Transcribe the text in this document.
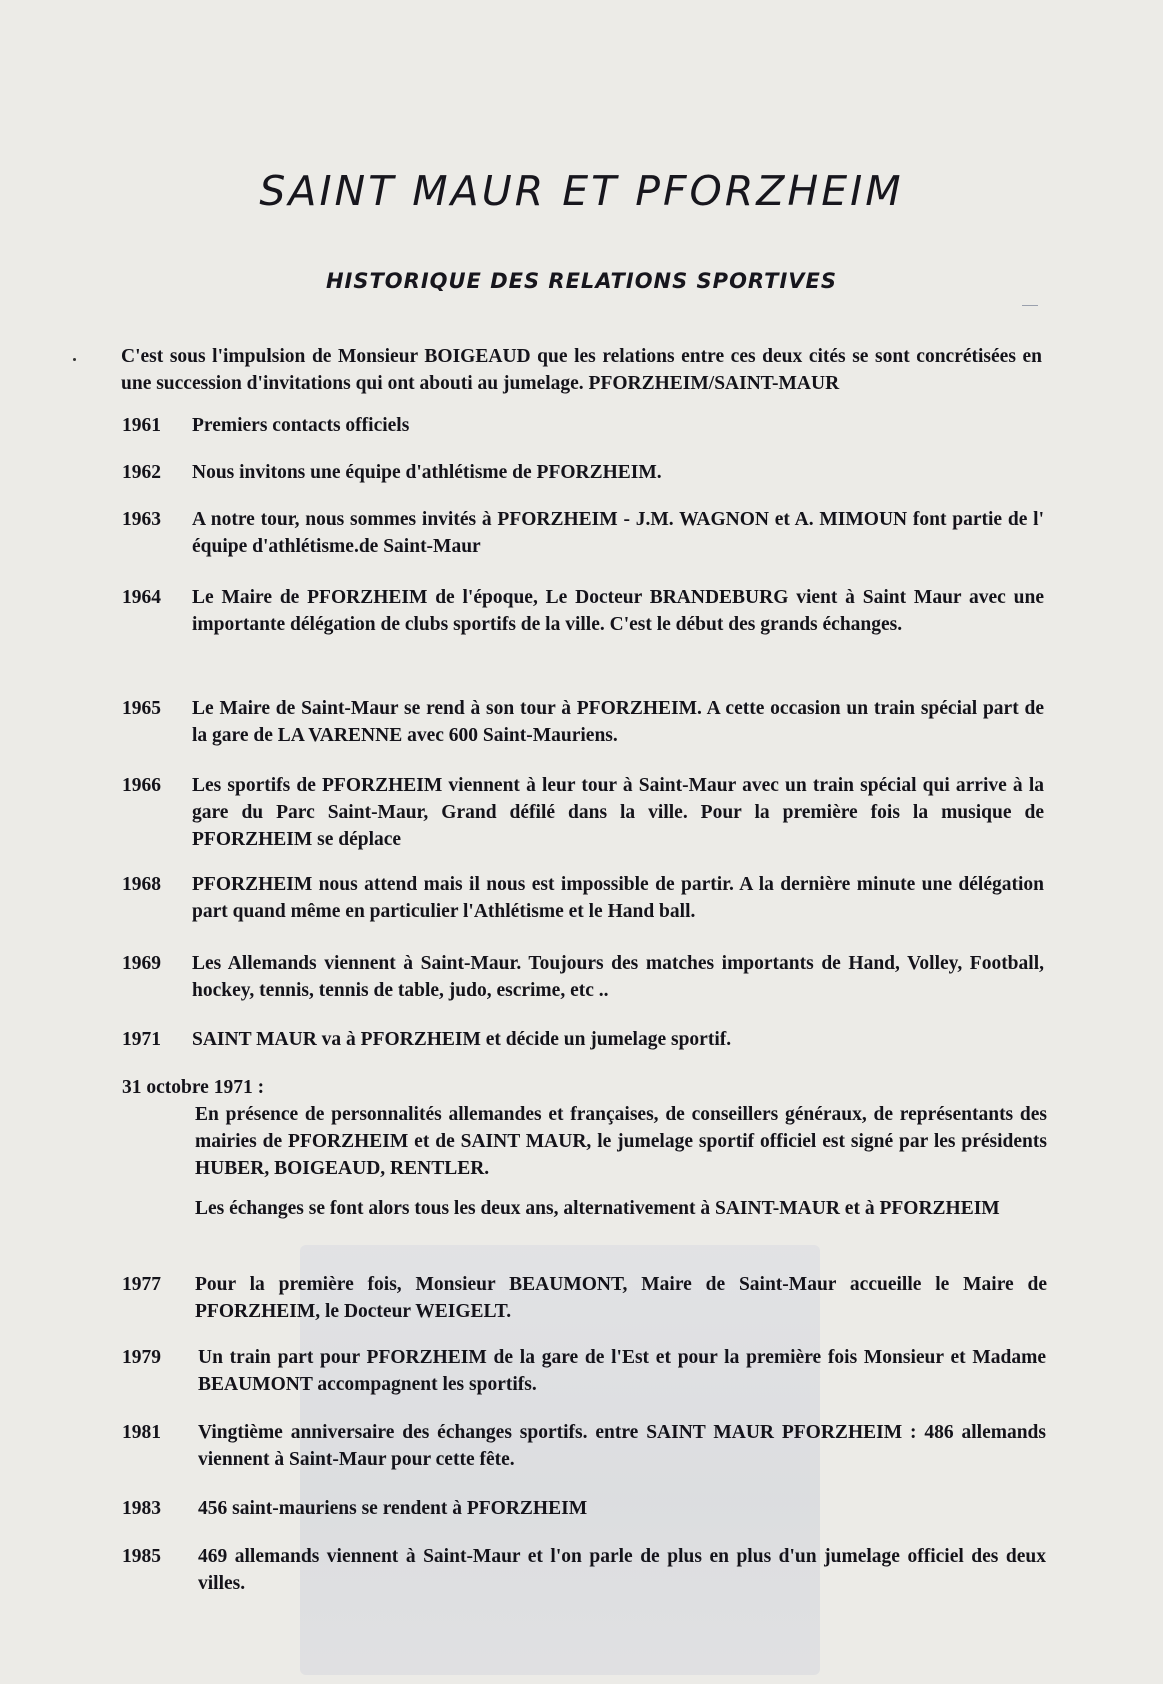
SAINT MAUR ET PFORZHEIM
HISTORIQUE DES RELATIONS SPORTIVES

C'est sous l'impulsion de Monsieur BOIGEAUD que les relations entre ces deux cités se sont concrétisées en une succession d'invitations qui ont abouti au jumelage. PFORZHEIM/SAINT-MAUR

1961 Premiers contacts officiels
1962 Nous invitons une équipe d'athlétisme de PFORZHEIM.
1963 A notre tour, nous sommes invités à PFORZHEIM - J.M. WAGNON et A. MIMOUN font partie de l' équipe d'athlétisme.de Saint-Maur
1964 Le Maire de PFORZHEIM de l'époque, Le Docteur BRANDEBURG vient à Saint Maur avec une importante délégation de clubs sportifs de la ville. C'est le début des grands échanges.
1965 Le Maire de Saint-Maur se rend à son tour à PFORZHEIM. A cette occasion un train spécial part de la gare de LA VARENNE avec 600 Saint-Mauriens.
1966 Les sportifs de PFORZHEIM viennent à leur tour à Saint-Maur avec un train spécial qui arrive à la gare du Parc Saint-Maur, Grand défilé dans la ville. Pour la première fois la musique de PFORZHEIM se déplace
1968 PFORZHEIM nous attend mais il nous est impossible de partir. A la dernière minute une délégation part quand même en particulier l'Athlétisme et le Hand ball.
1969 Les Allemands viennent à Saint-Maur. Toujours des matches importants de Hand, Volley, Football, hockey, tennis, tennis de table, judo, escrime, etc ..
1971 SAINT MAUR va à PFORZHEIM et décide un jumelage sportif.
31 octobre 1971 :
En présence de personnalités allemandes et françaises, de conseillers généraux, de représentants des mairies de PFORZHEIM et de SAINT MAUR, le jumelage sportif officiel est signé par les présidents HUBER, BOIGEAUD, RENTLER.
Les échanges se font alors tous les deux ans, alternativement à SAINT-MAUR et à PFORZHEIM
1977 Pour la première fois, Monsieur BEAUMONT, Maire de Saint-Maur accueille le Maire de PFORZHEIM, le Docteur WEIGELT.
1979 Un train part pour PFORZHEIM de la gare de l'Est et pour la première fois Monsieur et Madame BEAUMONT accompagnent les sportifs.
1981 Vingtième anniversaire des échanges sportifs. entre SAINT MAUR PFORZHEIM : 486 allemands viennent à Saint-Maur pour cette fête.
1983 456 saint-mauriens se rendent à PFORZHEIM
1985 469 allemands viennent à Saint-Maur et l'on parle de plus en plus d'un jumelage officiel des deux villes.
